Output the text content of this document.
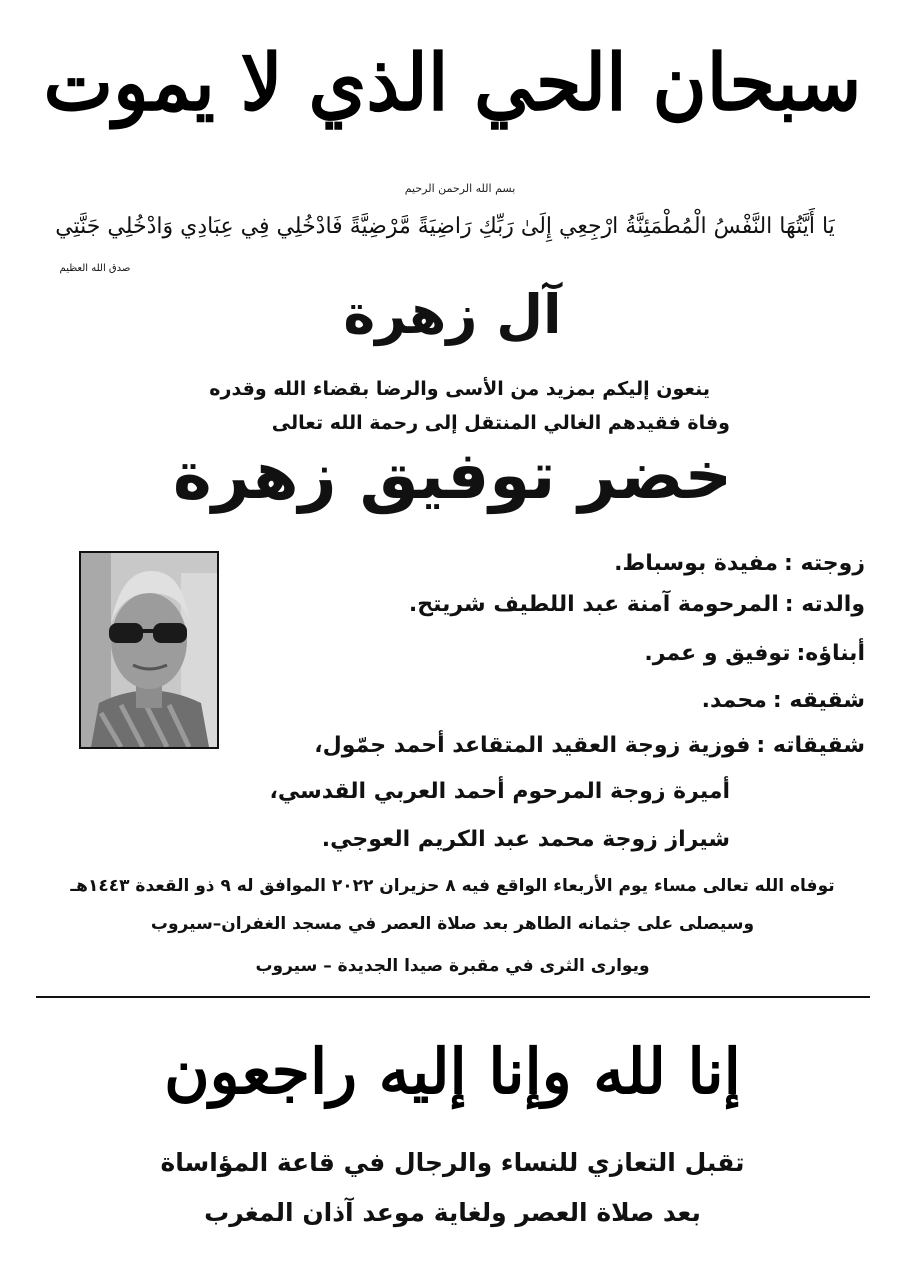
سبحان الحي الذي لا يموت
بسم الله الرحمن الرحيم
يَا أَيَّتُهَا النَّفْسُ الْمُطْمَئِنَّةُ ارْجِعِي إِلَىٰ رَبِّكِ رَاضِيَةً مَّرْضِيَّةً فَادْخُلِي فِي عِبَادِي وَادْخُلِي جَنَّتِي
صدق الله العظيم
آل زهرة
ينعون إليكم بمزيد من الأسى والرضا بقضاء الله وقدره
وفاة فقيدهم الغالي المنتقل إلى رحمة الله تعالى
خضر توفيق زهرة
زوجته :مفيدة بوسباط.
والدته :المرحومة آمنة عبد اللطيف شريتح.
أبناؤه:توفيق و عمر.
شقيقه :محمد.
شقيقاته :فوزية زوجة العقيد المتقاعد أحمد جمّول،
أميرة زوجة المرحوم أحمد العربي القدسي،
شيراز زوجة محمد عبد الكريم العوجي.
توفاه الله تعالى مساء يوم الأربعاء الواقع فيه ٨ حزيران ٢٠٢٢ الموافق له ٩ ذو القعدة ١٤٤٣هـ
وسيصلى على جثمانه الطاهر بعد صلاة العصر في مسجد الغفران–سيروب
ويوارى الثرى في مقبرة صيدا الجديدة – سيروب
إنا لله وإنا إليه راجعون
تقبل التعازي للنساء والرجال في قاعة المؤاساة
بعد صلاة العصر ولغاية موعد آذان المغرب
